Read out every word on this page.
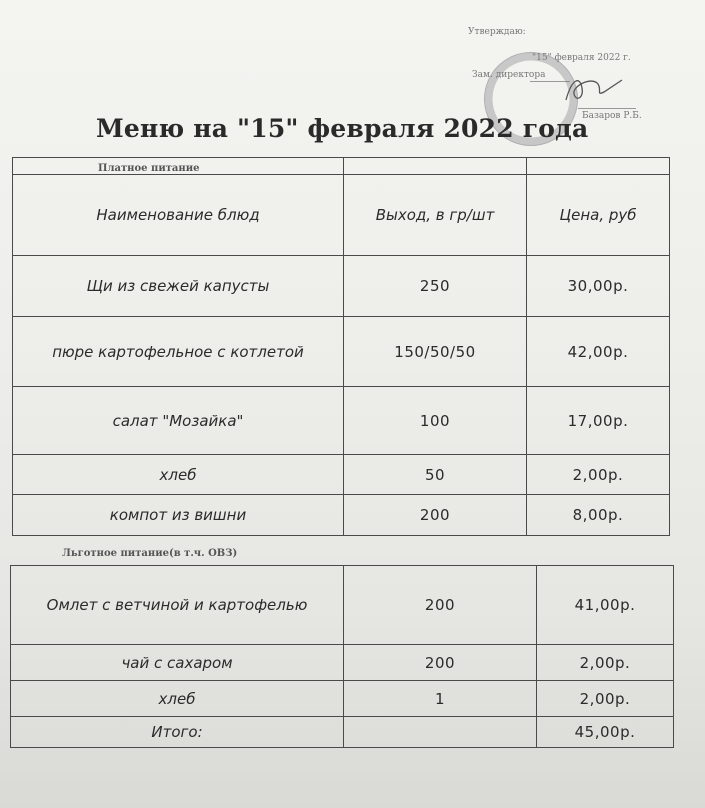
Утверждаю:
"15" февраля 2022 г.
Зам. директора
Базаров Р.Б.
Меню на "15" февраля 2022 года
Платное питание

Наименование блюд	Выход, в гр/шт	Цена, руб
Щи из свежей капусты	250	30,00р.
пюре картофельное с котлетой	150/50/50	42,00р.
салат "Мозайка"	100	17,00р.
хлеб	50	2,00р.
компот из вишни	200	8,00р.
Льготное питание(в т.ч. ОВЗ)
Омлет с ветчиной и картофелью	200	41,00р.
чай с сахаром	200	2,00р.
хлеб	1	2,00р.
Итого:		45,00р.
